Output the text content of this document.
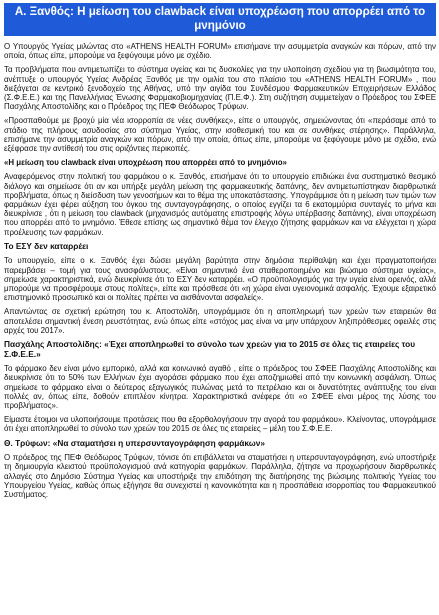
Α. Ξανθός: Η μείωση του clawback είναι υποχρέωση που απορρέει από το
μνημόνιο

Ο Υπουργός Υγείας μιλώντας στο «ATHENS HEALTH FORUM» επισήμανε την ασυμμετρία αναγκών και πόρων, από την οποία, όπως είπε, μπορούμε να ξεφύγουμε μόνο με σχέδιο.

Τα προβλήματα που αντιμετωπίζει το σύστημα υγείας και τις δυσκολίες για την υλοποίηση σχεδίου για τη βιωσιμότητα του, ανέπτυξε ο υπουργός Υγείας Ανδρέας Ξανθός με την ομιλία του στο πλαίσιο του «ATHENS HEALTH FORUM» , που διεξάγεται σε κεντρικό ξενοδοχείο της Αθήνας, υπό την αιγίδα του Συνδέσμου Φαρμακευτικών Επιχειρήσεων Ελλάδος (Σ.Φ.Ε.Ε.) και της Πανελλήνιας Ένωσης Φαρμακοβιομηχανίας (Π.Ε.Φ.). Στη συζήτηση συμμετείχαν ο Πρόεδρος του ΣΦΕΕ Πασχάλης Αποστολίδης και ο Πρόεδρος της ΠΕΦ Θεόδωρος Τρύφων.

«Προσπαθούμε με βροχύ μία νέα ισορροπία σε νέες συνθήκες», είπε ο υπουργός, σημειώνοντας ότι «περάσαμε από το στάδιο της πλήρους ασυδοσίας στο σύστημα Υγείας, στην ισοθεσμική του και σε συνθήκες στέρησης». Παράλληλα, επισήμανε την ασυμμετρία αναγκών και πόρων, από την οποία, όπως είπε, μπορούμε να ξεφύγουμε μόνο με σχέδιο, ενώ εξέφρασε την αντίθεσή του στις οριζόντιες περικοπές.

«Η μείωση του clawback είναι υποχρέωση που απορρέει από το μνημόνιο»

Αναφερόμενος στην πολιτική του φαρμάκου ο κ. Ξανθός, επισήμανε ότι το υπουργείο επιδιώκει ένα συστηματικό θεσμικό διάλογο και σημείωσε ότι αν και υπήρξε μεγάλη μείωση της φαρμακευτικής δαπάνης, δεν αντιμετωπίστηκαν διαρθρωτικά προβλήματα, όπως η διείσδυση των γενοσήμων και το θέμα της υποκατάστασης. Υπογράμμισε ότι η μείωση των τιμών των φαρμάκων έχει φέρει αύξηση του όγκου της συνταγογράφησης, ο οποίος εγγίζει τα 6 εκατομμύρια συνταγές το μήνα και διευκρίνισε , ότι η μείωση του clawback (μηχανισμός αυτόματης επιστροφής λόγω υπέρβασης δαπάνης), είναι υποχρέωση που απορρέει από το μνημόνιο. Έθεσε επίσης ως σημαντικό θέμα τον έλεγχο ζήτησης φαρμάκων και να ελέγχεται η χώρα προέλευσης των φαρμάκων.

Το ΕΣΥ δεν καταρρέει

Το υπουργείο, είπε ο κ. Ξανθός έχει δώσει μεγάλη βαρύτητα στην δημόσια περίθαλψη και έχει πραγματοποιήσει παρεμβάσει – τομή για τους ανασφάλιστους. «Είναι σημαντικό ένα σταθεροποιημένο και βιώσιμο σύστημα υγείας», σημείωσε χαρακτηριστικά, ενώ διευκρίνισε ότι το ΕΣΥ δεν καταρρέει. «Ο προϋπολογισμός για την υγεία είναι ορεινός, αλλά μπορούμε να προσφέρουμε στους πολίτες», είπε και πρόσθεσε ότι «η χώρα είναι υγειονομικά ασφαλής. Έχουμε εξαιρετικό επιστημονικό προσωπικό και οι πολίτες πρέπει να αισθάνονται ασφαλείς».

Απαντώντας σε σχετική ερώτηση του κ. Αποστολίδη, υπογράμμισε ότι η αποπληρωμή των χρεών των εταιρειών θα αποτελέσει σημαντική ένεση ρευστότητας, ενώ όπως είπε «στόχος μας είναι να μην υπάρχουν ληξιπρόθεσμες οφειλές στις αρχές του 2017».

Πασχάλης Αποστολίδης: «Έχει αποπληρωθεί το σύνολο των χρεών για το 2015 σε όλες τις εταιρείες του Σ.Φ.Ε.Ε.»

Το φάρμακο δεν είναι μόνο εμπορικό, αλλά και κοινωνικό αγαθό , είπε ο πρόεδρος του ΣΦΕΕ Πασχάλης Αποστολίδης και διευκρίνισε ότι το 50% των Ελλήνων έχει αγοράσει φάρμακο που έχει αποζημιωθεί από την κοινωνική ασφάλιση. Όπως σημείωσε το φάρμακο είναι ο δεύτερος εξαγωγικός πυλώνας μετά το πετρέλαιο και οι δυνατότητες ανάπτυξης του είναι πολλές αν, όπως είπε, δοθούν επιπλέον κίνητρα. Χαρακτηριστικά ανέφερε ότι «ο ΣΦΕΕ είναι μέρος της λύσης του προβλήματος».

Είμαστε έτοιμοι να υλοποιήσουμε προτάσεις που θα εξορθολογήσουν την αγορά του φαρμάκου». Κλείνοντας, υπογράμμισε ότι έχει αποπληρωθεί το σύνολο των χρεών του 2015 σε όλες τις εταιρείες – μέλη του Σ.Φ.Ε.Ε.

Θ. Τρύφων: «Να σταματήσει η υπερσυνταγογράφηση φαρμάκων»

Ο πρόεδρος της ΠΕΦ Θεόδωρος Τρύφων, τόνισε ότι επιβάλλεται να σταματήσει η υπερσυνταγογράφηση, ενώ υποστήριξε τη δημιουργία κλειστού προϋπολογισμού ανά κατηγορία φαρμάκων. Παράλληλα, ζήτησε να προχωρήσουν διαρθρωτικές αλλαγές στο Δημόσιο Σύστημα Υγείας και υποστήριξε την επιδότηση της διατήρησης της βιώσιμης πολιτικής Υγείας του Υπουργείου Υγείας, καθώς όπως εξήγησε θα συνεχιστεί η κανονικότητα και η προσπάθεια ισορροπίας του Φαρμακευτικού Συστήματος.
